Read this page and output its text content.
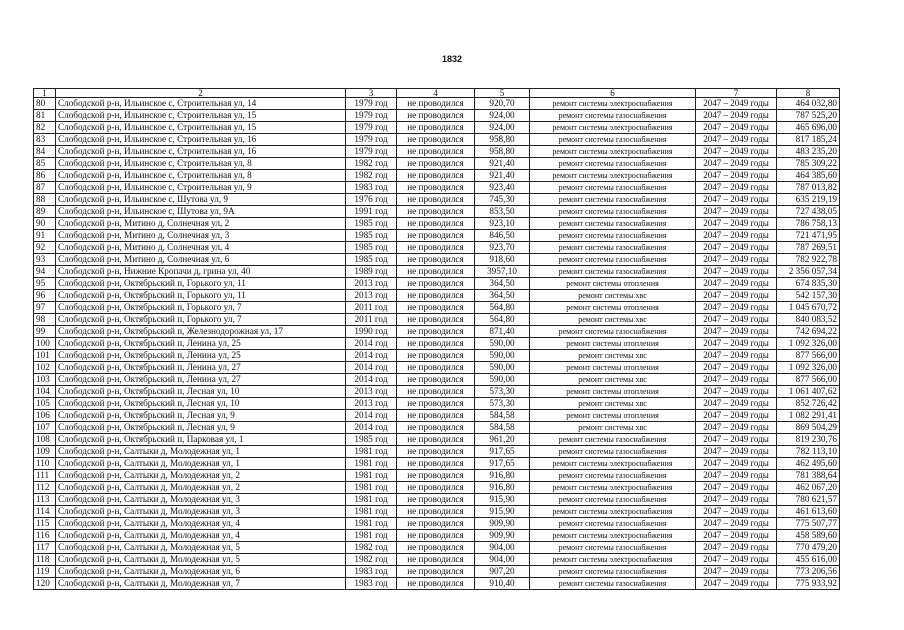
1832
1	2	3	4	5	6	7	8
80	Слободской р-н, Ильинское с, Строительная ул, 14	1979 год	не проводился	920,70	ремонт системы электроснабжения	2047 – 2049 годы	464 032,80
81	Слободской р-н, Ильинское с, Строительная ул, 15	1979 год	не проводился	924,00	ремонт системы газоснабжения	2047 – 2049 годы	787 525,20
82	Слободской р-н, Ильинское с, Строительная ул, 15	1979 год	не проводился	924,00	ремонт системы электроснабжения	2047 – 2049 годы	465 696,00
83	Слободской р-н, Ильинское с, Строительная ул, 16	1979 год	не проводился	958,80	ремонт системы газоснабжения	2047 – 2049 годы	817 185,24
84	Слободской р-н, Ильинское с, Строительная ул, 16	1979 год	не проводился	958,80	ремонт системы электроснабжения	2047 – 2049 годы	483 235,20
85	Слободской р-н, Ильинское с, Строительная ул, 8	1982 год	не проводился	921,40	ремонт системы газоснабжения	2047 – 2049 годы	785 309,22
86	Слободской р-н, Ильинское с, Строительная ул, 8	1982 год	не проводился	921,40	ремонт системы электроснабжения	2047 – 2049 годы	464 385,60
87	Слободской р-н, Ильинское с, Строительная ул, 9	1983 год	не проводился	923,40	ремонт системы газоснабжения	2047 – 2049 годы	787 013,82
88	Слободской р-н, Ильинское с, Шутова ул, 9	1976 год	не проводился	745,30	ремонт системы газоснабжения	2047 – 2049 годы	635 219,19
89	Слободской р-н, Ильинское с, Шутова ул, 9А	1991 год	не проводился	853,50	ремонт системы газоснабжения	2047 – 2049 годы	727 438,05
90	Слободской р-н, Митино д, Солнечная ул, 2	1985 год	не проводился	923,10	ремонт системы газоснабжения	2047 – 2049 годы	786 758,13
91	Слободской р-н, Митино д, Солнечная ул, 3	1985 год	не проводился	846,50	ремонт системы газоснабжения	2047 – 2049 годы	721 471,95
92	Слободской р-н, Митино д, Солнечная ул, 4	1985 год	не проводился	923,70	ремонт системы газоснабжения	2047 – 2049 годы	787 269,51
93	Слободской р-н, Митино д, Солнечная ул, 6	1985 год	не проводился	918,60	ремонт системы газоснабжения	2047 – 2049 годы	782 922,78
94	Слободской р-н, Нижние Кропачи д, грина ул, 40	1989 год	не проводился	3957,10	ремонт системы газоснабжения	2047 – 2049 годы	2 356 057,34
95	Слободской р-н, Октябрьский п, Горького ул, 11	2013 год	не проводился	364,50	ремонт системы отопления	2047 – 2049 годы	674 835,30
96	Слободской р-н, Октябрьский п, Горького ул, 11	2013 год	не проводился	364,50	ремонт системы хвс	2047 – 2049 годы	542 157,30
97	Слободской р-н, Октябрьский п, Горького ул, 7	2011 год	не проводился	564,80	ремонт системы отопления	2047 – 2049 годы	1 045 670,72
98	Слободской р-н, Октябрьский п, Горького ул, 7	2011 год	не проводился	564,80	ремонт системы хвс	2047 – 2049 годы	840 083,52
99	Слободской р-н, Октябрьский п, Железнодорожная ул, 17	1990 год	не проводился	871,40	ремонт системы газоснабжения	2047 – 2049 годы	742 694,22
100	Слободской р-н, Октябрьский п, Ленина ул, 25	2014 год	не проводился	590,00	ремонт системы отопления	2047 – 2049 годы	1 092 326,00
101	Слободской р-н, Октябрьский п, Ленина ул, 25	2014 год	не проводился	590,00	ремонт системы хвс	2047 – 2049 годы	877 566,00
102	Слободской р-н, Октябрьский п, Ленина ул, 27	2014 год	не проводился	590,00	ремонт системы отопления	2047 – 2049 годы	1 092 326,00
103	Слободской р-н, Октябрьский п, Ленина ул, 27	2014 год	не проводился	590,00	ремонт системы хвс	2047 – 2049 годы	877 566,00
104	Слободской р-н, Октябрьский п, Лесная ул, 10	2013 год	не проводился	573,30	ремонт системы отопления	2047 – 2049 годы	1 061 407,62
105	Слободской р-н, Октябрьский п, Лесная ул, 10	2013 год	не проводился	573,30	ремонт системы хвс	2047 – 2049 годы	852 726,42
106	Слободской р-н, Октябрьский п, Лесная ул, 9	2014 год	не проводился	584,58	ремонт системы отопления	2047 – 2049 годы	1 082 291,41
107	Слободской р-н, Октябрьский п, Лесная ул, 9	2014 год	не проводился	584,58	ремонт системы хвс	2047 – 2049 годы	869 504,29
108	Слободской р-н, Октябрьский п, Парковая ул, 1	1985 год	не проводился	961,20	ремонт системы газоснабжения	2047 – 2049 годы	819 230,76
109	Слободской р-н, Салтыки д, Молодежная ул, 1	1981 год	не проводился	917,65	ремонт системы газоснабжения	2047 – 2049 годы	782 113,10
110	Слободской р-н, Салтыки д, Молодежная ул, 1	1981 год	не проводился	917,65	ремонт системы электроснабжения	2047 – 2049 годы	462 495,60
111	Слободской р-н, Салтыки д, Молодежная ул, 2	1981 год	не проводился	916,80	ремонт системы газоснабжения	2047 – 2049 годы	781 388,64
112	Слободской р-н, Салтыки д, Молодежная ул, 2	1981 год	не проводился	916,80	ремонт системы электроснабжения	2047 – 2049 годы	462 067,20
113	Слободской р-н, Салтыки д, Молодежная ул, 3	1981 год	не проводился	915,90	ремонт системы газоснабжения	2047 – 2049 годы	780 621,57
114	Слободской р-н, Салтыки д, Молодежная ул, 3	1981 год	не проводился	915,90	ремонт системы электроснабжения	2047 – 2049 годы	461 613,60
115	Слободской р-н, Салтыки д, Молодежная ул, 4	1981 год	не проводился	909,90	ремонт системы газоснабжения	2047 – 2049 годы	775 507,77
116	Слободской р-н, Салтыки д, Молодежная ул, 4	1981 год	не проводился	909,90	ремонт системы электроснабжения	2047 – 2049 годы	458 589,60
117	Слободской р-н, Салтыки д, Молодежная ул, 5	1982 год	не проводился	904,00	ремонт системы газоснабжения	2047 – 2049 годы	770 479,20
118	Слободской р-н, Салтыки д, Молодежная ул, 5	1982 год	не проводился	904,00	ремонт системы электроснабжения	2047 – 2049 годы	455 616,00
119	Слободской р-н, Салтыки д, Молодежная ул, 6	1983 год	не проводился	907,20	ремонт системы газоснабжения	2047 – 2049 годы	773 206,56
120	Слободской р-н, Салтыки д, Молодежная ул, 7	1983 год	не проводился	910,40	ремонт системы газоснабжения	2047 – 2049 годы	775 933,92
